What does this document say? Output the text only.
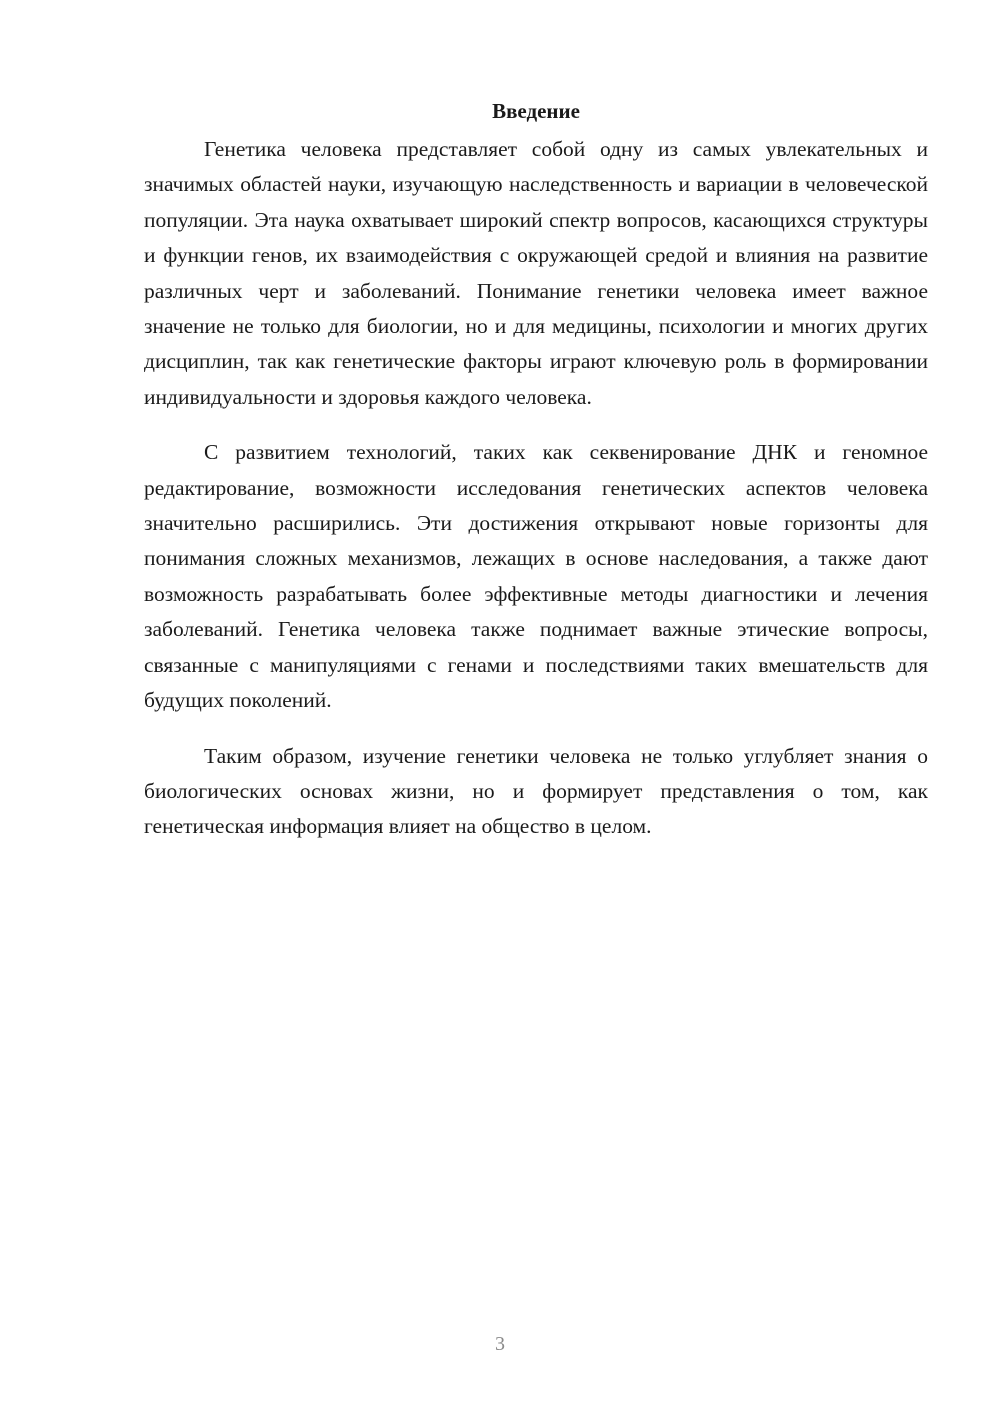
Введение

Генетика человека представляет собой одну из самых увлекательных и значимых областей науки, изучающую наследственность и вариации в человеческой популяции. Эта наука охватывает широкий спектр вопросов, касающихся структуры и функции генов, их взаимодействия с окружающей средой и влияния на развитие различных черт и заболеваний. Понимание генетики человека имеет важное значение не только для биологии, но и для медицины, психологии и многих других дисциплин, так как генетические факторы играют ключевую роль в формировании индивидуальности и здоровья каждого человека.

С развитием технологий, таких как секвенирование ДНК и геномное редактирование, возможности исследования генетических аспектов человека значительно расширились. Эти достижения открывают новые горизонты для понимания сложных механизмов, лежащих в основе наследования, а также дают возможность разрабатывать более эффективные методы диагностики и лечения заболеваний. Генетика человека также поднимает важные этические вопросы, связанные с манипуляциями с генами и последствиями таких вмешательств для будущих поколений.

Таким образом, изучение генетики человека не только углубляет знания о биологических основах жизни, но и формирует представления о том, как генетическая информация влияет на общество в целом.

3
